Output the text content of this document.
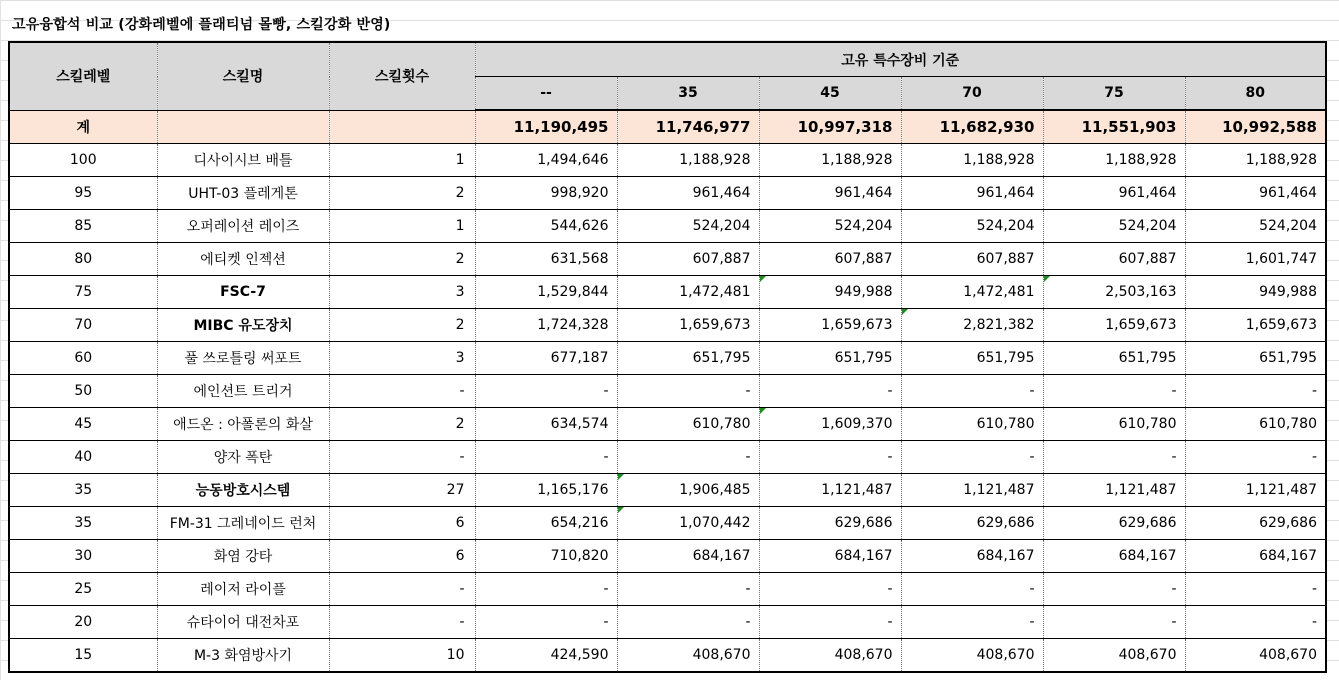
고유융합석 비교 (강화레벨에 플래티넘 몰빵, 스킬강화 반영)
스킬레벨	스킬명	스킬횟수	고유 특수장비 기준					
			--	35	45	70	75	80
계			11,190,495	11,746,977	10,997,318	11,682,930	11,551,903	10,992,588
100	디사이시브 배틀	1	1,494,646	1,188,928	1,188,928	1,188,928	1,188,928	1,188,928
95	UHT-03 플레게톤	2	998,920	961,464	961,464	961,464	961,464	961,464
85	오퍼레이션 레이즈	1	544,626	524,204	524,204	524,204	524,204	524,204
80	에티켓 인젝션	2	631,568	607,887	607,887	607,887	607,887	1,601,747
75	FSC-7	3	1,529,844	1,472,481	949,988	1,472,481	2,503,163	949,988
70	MIBC 유도장치	2	1,724,328	1,659,673	1,659,673	2,821,382	1,659,673	1,659,673
60	풀 쓰로틀링 써포트	3	677,187	651,795	651,795	651,795	651,795	651,795
50	에인션트 트리거	-	-	-	-	-	-	-
45	애드온 : 아폴론의 화살	2	634,574	610,780	1,609,370	610,780	610,780	610,780
40	양자 폭탄	-	-	-	-	-	-	-
35	능동방호시스템	27	1,165,176	1,906,485	1,121,487	1,121,487	1,121,487	1,121,487
35	FM-31 그레네이드 런처	6	654,216	1,070,442	629,686	629,686	629,686	629,686
30	화염 강타	6	710,820	684,167	684,167	684,167	684,167	684,167
25	레이저 라이플	-	-	-	-	-	-	-
20	슈타이어 대전차포	-	-	-	-	-	-	-
15	M-3 화염방사기	10	424,590	408,670	408,670	408,670	408,670	408,670
